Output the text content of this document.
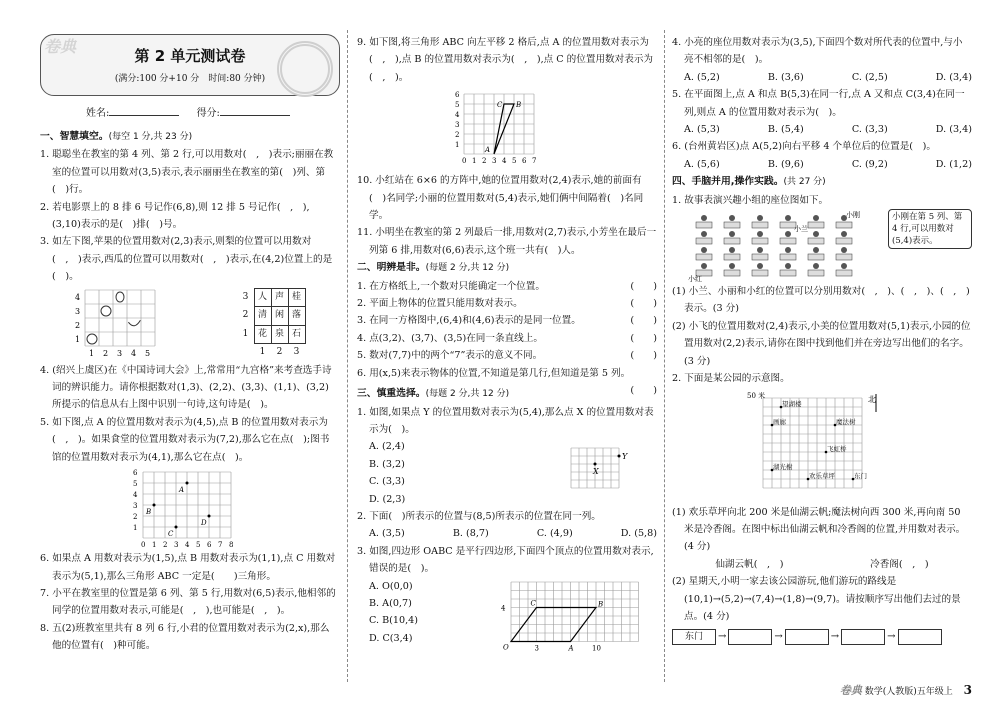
第 2 单元测试卷
(满分:100 分+10 分　时间:80 分钟)
卷典
姓名:	得分:

一、智慧填空。(每空 1 分,共 23 分)

1. 聪聪坐在教室的第 4 列、第 2 行,可以用数对(　,　)表示;丽丽在教室的位置可以用数对(3,5)表示,表示丽丽坐在教室的第(　)列、第(　)行。

2. 若电影票上的 8 排 6 号记作(6,8),则 12 排 5 号记作(　,　),(3,10)表示的是(　)排(　)号。

3. 如左下图,苹果的位置用数对(2,3)表示,则梨的位置可以用数对(　,　)表示,西瓜的位置可以用数对(　,　)表示,在(4,2)位置上的是(　)。

1 2 3 4 5
1
2
3
4	3	人	声	桂
2	清	闲	落
1	花	泉	石
	1	2	3

4. (绍兴上虞区)在《中国诗词大会》上,常常用“九宫格”来考查选手诗词的辨识能力。请你根据数对(1,3)、(2,2)、(3,3)、(1,1)、(3,2)所提示的信息从右上图中识别一句诗,这句诗是(　)。

5. 如下图,点 A 的位置用数对表示为(4,5),点 B 的位置用数对表示为(　,　)。如果食堂的位置用数对表示为(7,2),那么它在点(　);图书馆的位置用数对表示为(4,1),那么它在点(　)。

0 1 2 3 4 5 6 7 8
1
2
3
4
5
6
A
B
C
D

6. 如果点 A 用数对表示为(1,5),点 B 用数对表示为(1,1),点 C 用数对表示为(5,1),那么三角形 ABC 一定是(　　)三角形。

7. 小平在教室里的位置是第 6 列、第 5 行,用数对(6,5)表示,他相邻的同学的位置用数对表示,可能是(　,　),也可能是(　,　)。

8. 五(2)班教室里共有 8 列 6 行,小君的位置用数对表示为(2,x),那么他的位置有(　)种可能。

9. 如下图,将三角形 ABC 向左平移 2 格后,点 A 的位置用数对表示为(　,　),点 B 的位置用数对表示为(　,　),点 C 的位置用数对表示为(　,　)。

0 1 2 3 4 5 6 7
1
2
3
4
5
6
A
B
C

10. 小红站在 6×6 的方阵中,她的位置用数对(2,4)表示,她的前面有(　)名同学;小丽的位置用数对(5,4)表示,她们俩中间隔着(　)名同学。

11. 小明坐在教室的第 2 列最后一排,用数对(2,7)表示,小芳坐在最后一列第 6 排,用数对(6,6)表示,这个班一共有(　)人。

二、明辨是非。(每题 2 分,共 12 分)

(　　)
1. 在方格纸上,一个数对只能确定一个位置。

(　　)
2. 平面上物体的位置只能用数对表示。

(　　)
3. 在同一方格图中,(6,4)和(4,6)表示的是同一位置。

(　　)
4. 点(3,2)、(3,7)、(3,5)在同一条直线上。

(　　)
5. 数对(7,7)中的两个“7”表示的意义不同。

6. 用(x,5)来表示物体的位置,不知道是第几行,但知道是第 5 列。

(　　)

三、慎重选择。(每题 2 分,共 12 分)

1. 如图,如果点 Y 的位置用数对表示为(5,4),那么点 X 的位置用数对表示为(　)。

A. (2,4)
B. (3,2)
C. (3,3)
D. (2,3)
Y
X

2. 下面(　)所表示的位置与(8,5)所表示的位置在同一列。

A. (3,5)	B. (8,7)	C. (4,9)	D. (5,8)

3. 如图,四边形 OABC 是平行四边形,下面四个顶点的位置用数对表示,错误的是(　)。

A. O(0,0)
B. A(0,7)
C. B(10,4)
D. C(3,4)
O	A
B
C
3	10
4

4. 小亮的座位用数对表示为(3,5),下面四个数对所代表的位置中,与小亮不相邻的是(　)。

A. (5,2)	B. (3,6)	C. (2,5)	D. (3,4)

5. 在平面图上,点 A 和点 B(5,3)在同一行,点 A 又和点 C(3,4)在同一列,则点 A 的位置用数对表示为(　)。

A. (5,3)	B. (5,4)	C. (3,3)	D. (3,4)

6. (台州黄岩区)点 A(5,2)向右平移 4 个单位后的位置是(　)。

A. (5,6)	B. (9,6)	C. (9,2)	D. (1,2)

四、手脑并用,操作实践。(共 27 分)

1. 故事表演兴趣小组的座位图如下。

小兰
小刚
小红
小刚在第 5 列、第 4 行,可以用数对(5,4)表示。

(1) 小兰、小丽和小红的位置可以分别用数对(　,　)、(　,　)、(　,　)表示。(3 分)

(2) 小飞的位置用数对(2,4)表示,小美的位置用数对(5,1)表示,小园的位置用数对(2,2)表示,请你在图中找到他们并在旁边写出他们的名字。(3 分)

2. 下面是某公园的示意图。

50 米	北
望湖楼
画廊	魔法树
飞虹桥
湖光榭
欢乐草坪	东门

(1) 欢乐草坪向北 200 米是仙湖云帆;魔法树向西 300 米,再向南 50 米是冷香阁。在图中标出仙湖云帆和冷香阁的位置,并用数对表示。(4 分)

仙湖云帆(　,　)	冷香阁(　,　)

(2) 星期天,小明一家去该公园游玩,他们游玩的路线是(10,1)→(5,2)→(7,4)→(1,8)→(9,7)。请按顺序写出他们去过的景点。(4 分)

东门	→	→	→	→
卷典 数学(人教版)五年级上 3
